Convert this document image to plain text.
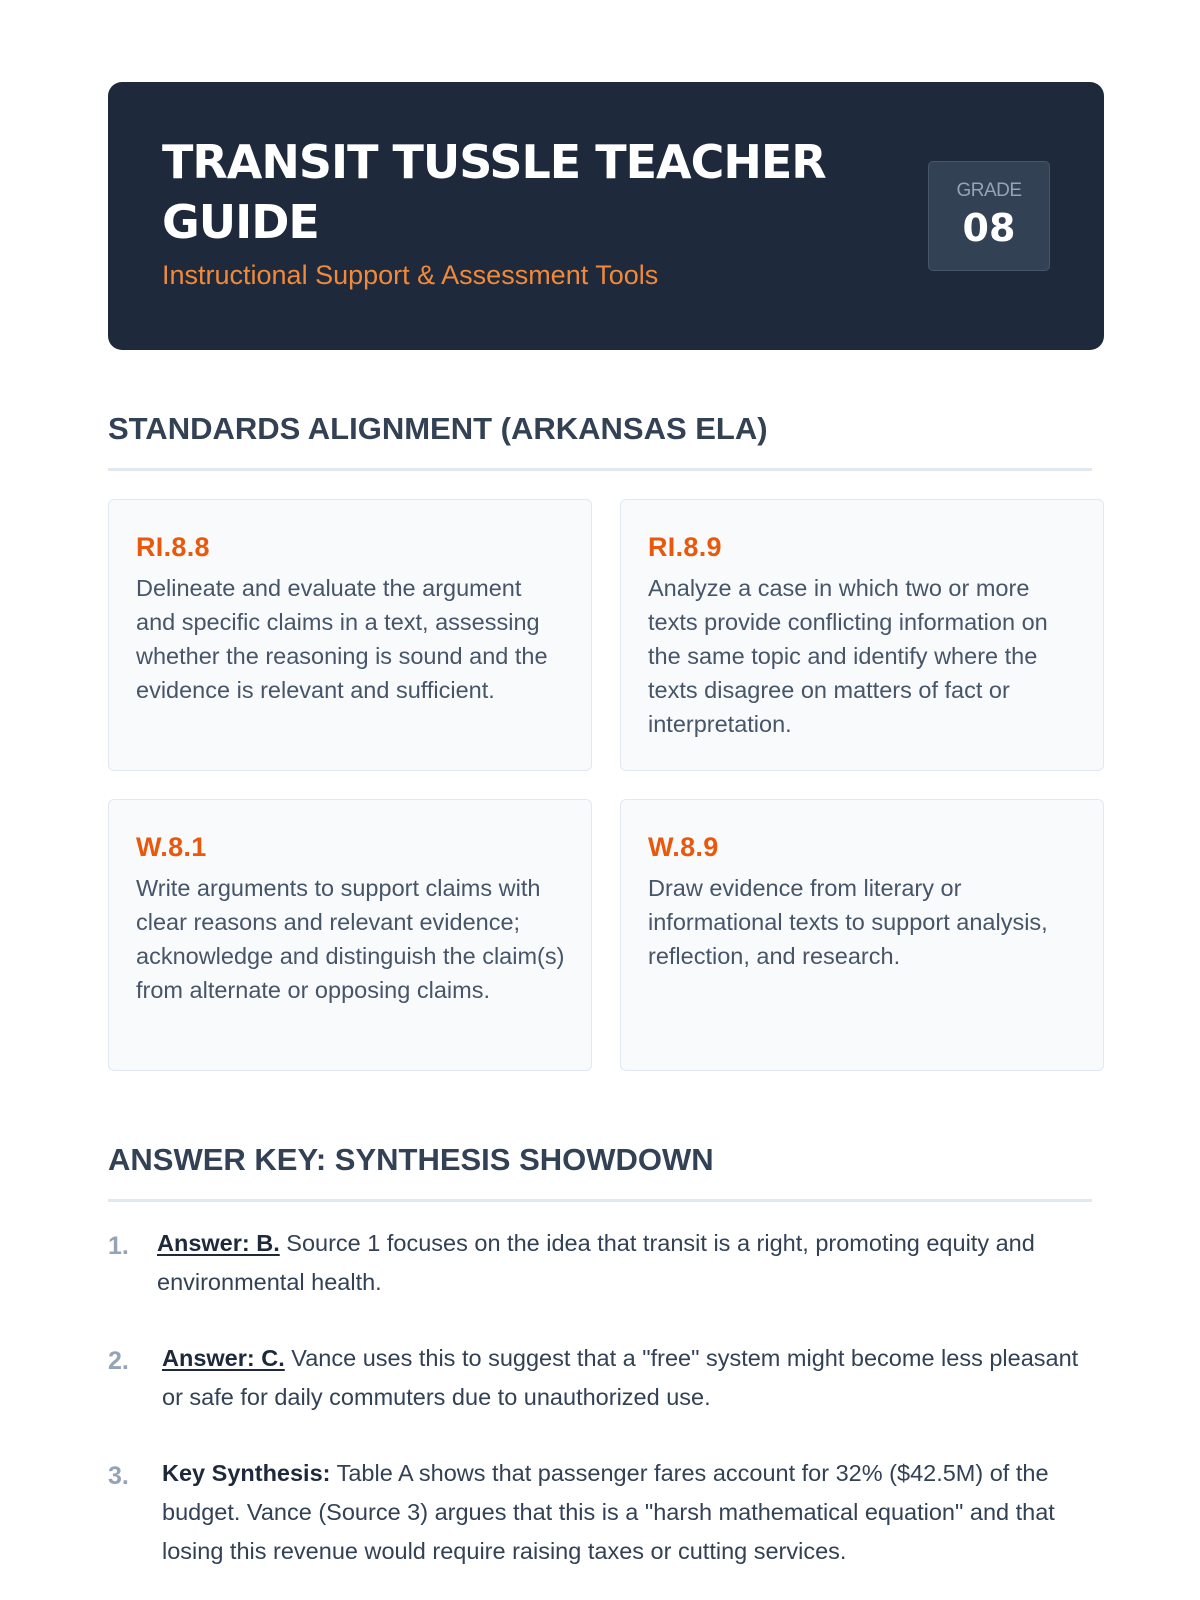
TRANSIT TUSSLE TEACHER GUIDE
Instructional Support & Assessment Tools
GRADE
08
STANDARDS ALIGNMENT (ARKANSAS ELA)
RI.8.8
Delineate and evaluate the argument and specific claims in a text, assessing whether the reasoning is sound and the evidence is relevant and sufficient.
RI.8.9
Analyze a case in which two or more texts provide conflicting information on the same topic and identify where the texts disagree on matters of fact or interpretation.
W.8.1
Write arguments to support claims with clear reasons and relevant evidence; acknowledge and distinguish the claim(s) from alternate or opposing claims.
W.8.9
Draw evidence from literary or informational texts to support analysis, reflection, and research.
ANSWER KEY: SYNTHESIS SHOWDOWN
1.	Answer: B. Source 1 focuses on the idea that transit is a right, promoting equity and environmental health.
2.	Answer: C. Vance uses this to suggest that a "free" system might become less pleasant or safe for daily commuters due to unauthorized use.
3.	Key Synthesis: Table A shows that passenger fares account for 32% ($42.5M) of the budget. Vance (Source 3) argues that this is a "harsh mathematical equation" and that losing this revenue would require raising taxes or cutting services.
